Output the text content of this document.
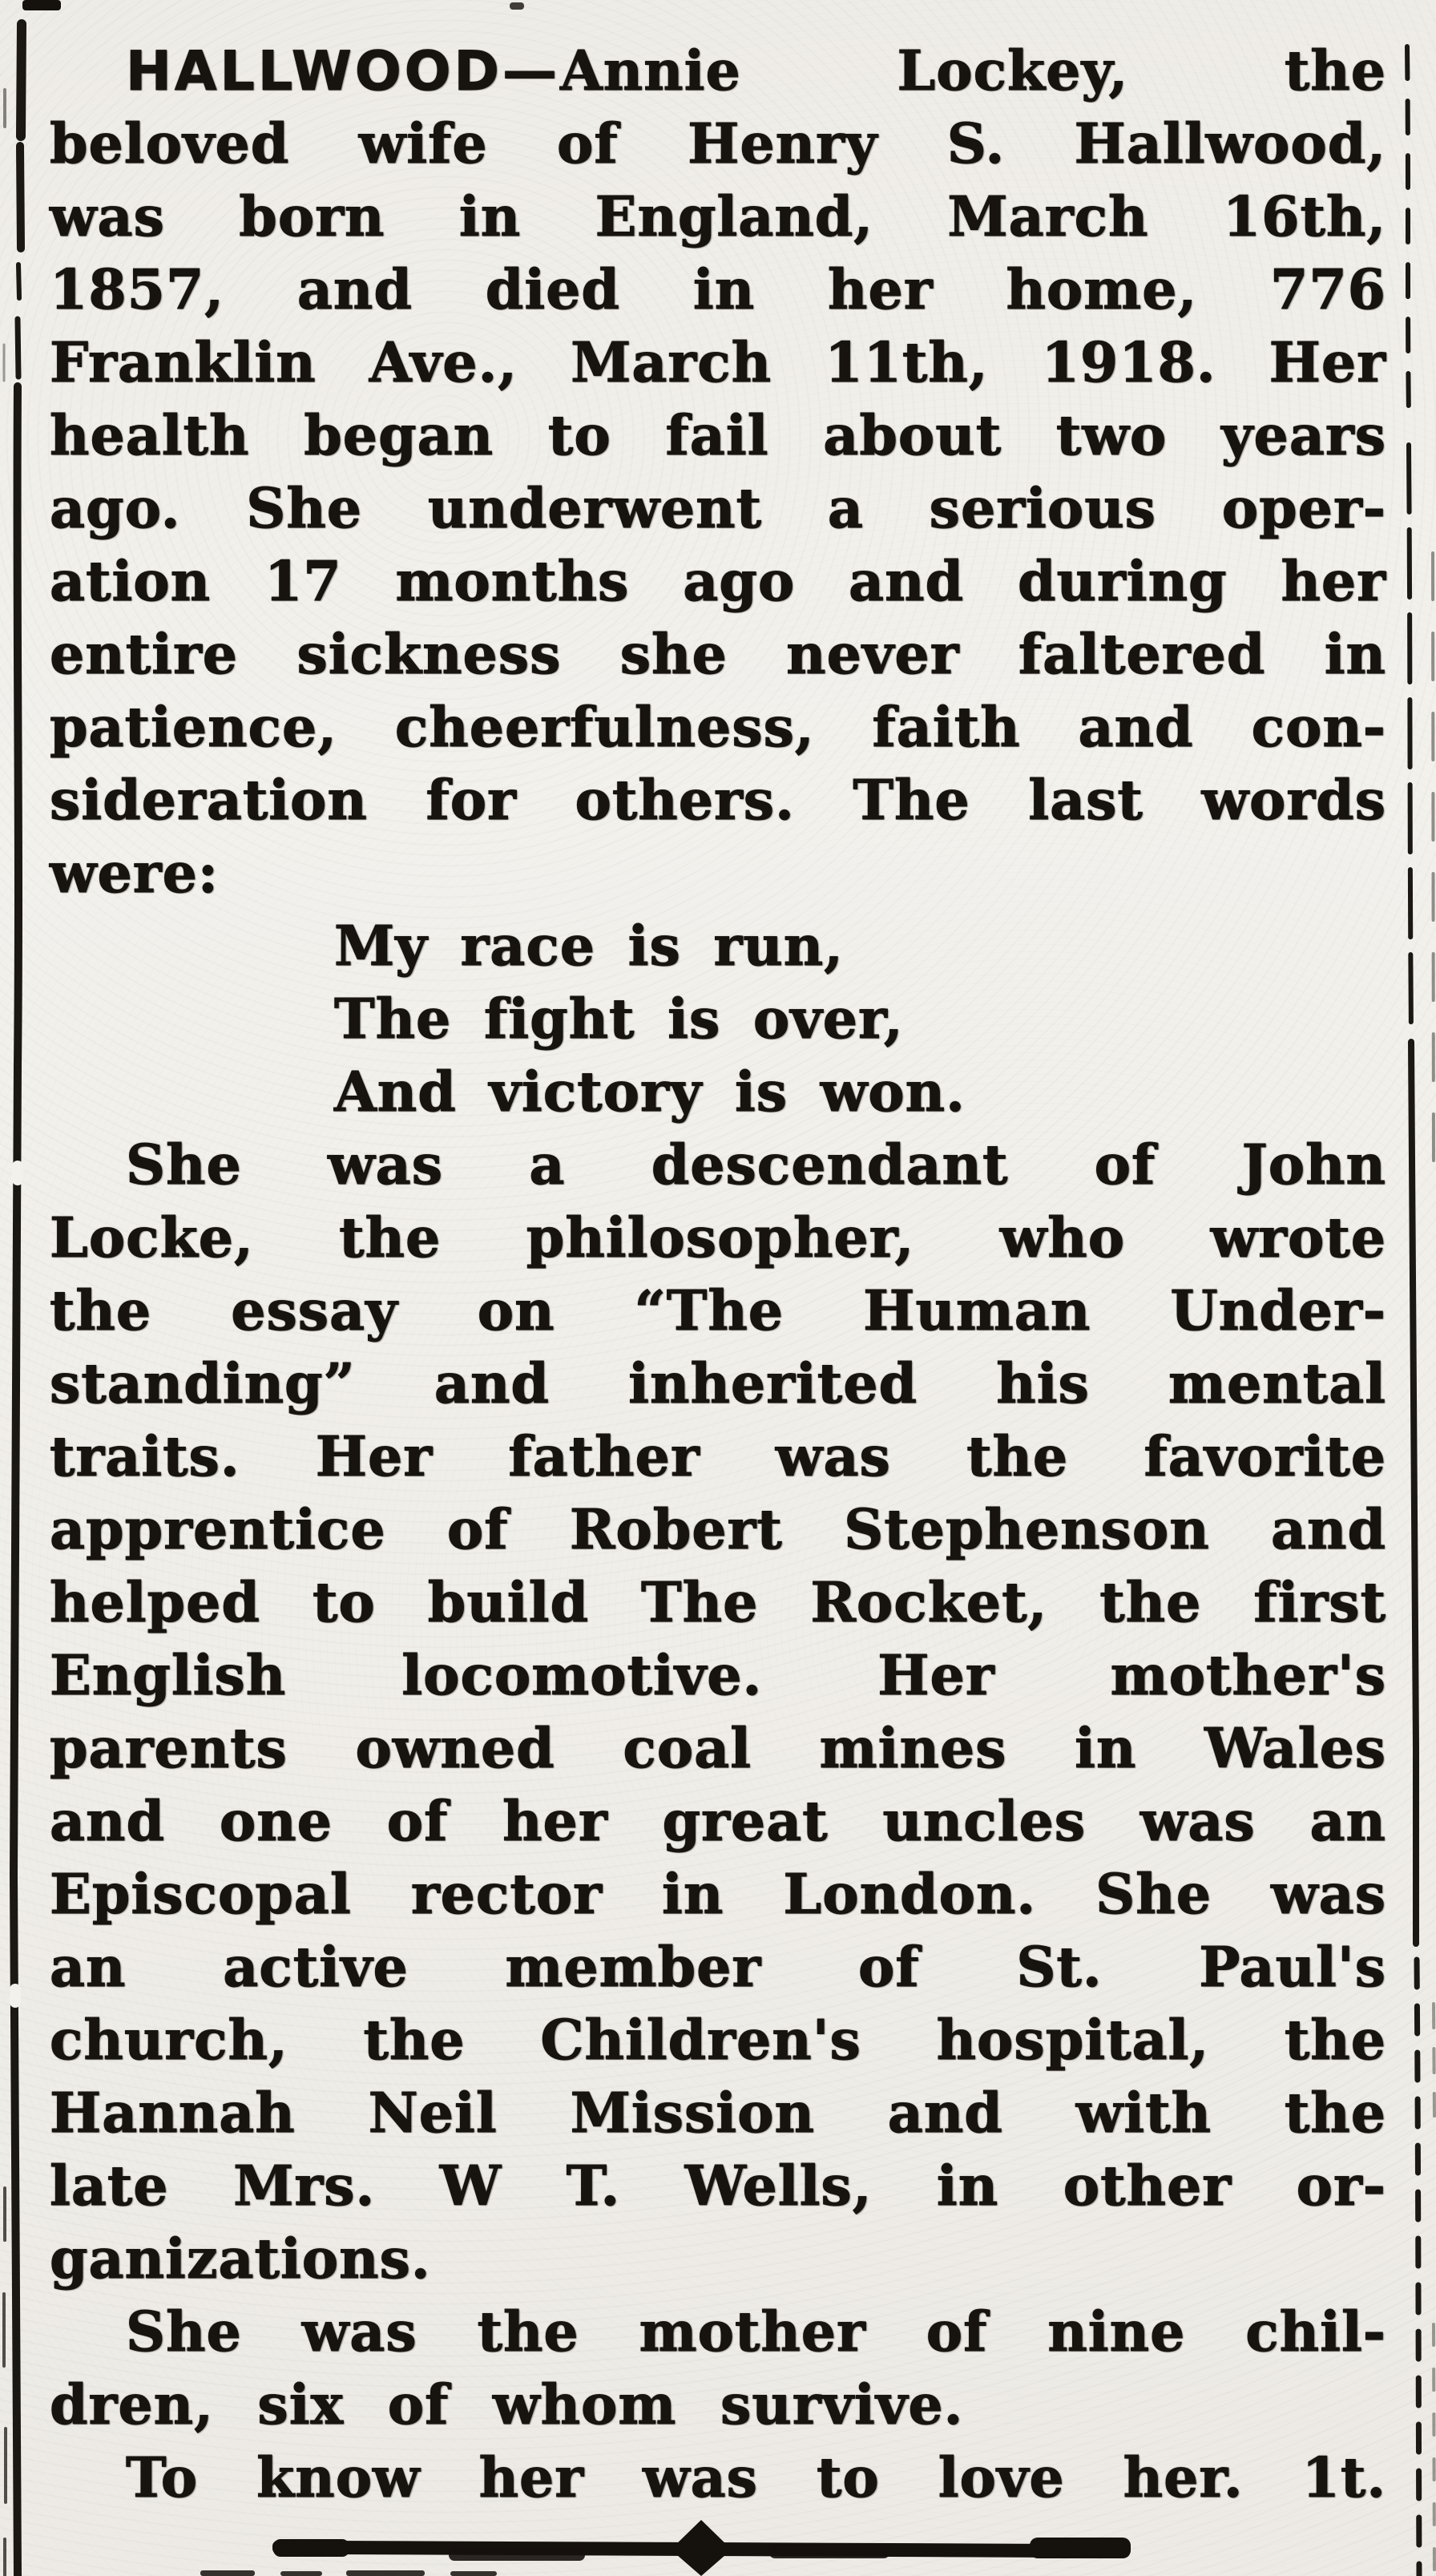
HALLWOOD—Annie Lockey, the
beloved wife of Henry S. Hallwood,
was born in England, March 16th,
1857, and died in her home, 776
Franklin Ave., March 11th, 1918. Her
health began to fail about two years
ago. She underwent a serious oper-
ation 17 months ago and during her
entire sickness she never faltered in
patience, cheerfulness, faith and con-
sideration for others. The last words
were:
My race is run,
The fight is over,
And victory is won.
She was a descendant of John
Locke, the philosopher, who wrote
the essay on “The Human Under-
standing” and inherited his mental
traits. Her father was the favorite
apprentice of Robert Stephenson and
helped to build The Rocket, the first
English locomotive. Her mother's
parents owned coal mines in Wales
and one of her great uncles was an
Episcopal rector in London. She was
an active member of St. Paul's
church, the Children's hospital, the
Hannah Neil Mission and with the
late Mrs. W T. Wells, in other or-
ganizations.
She was the mother of nine chil-
dren, six of whom survive.
To know her was to love her. 1t.
